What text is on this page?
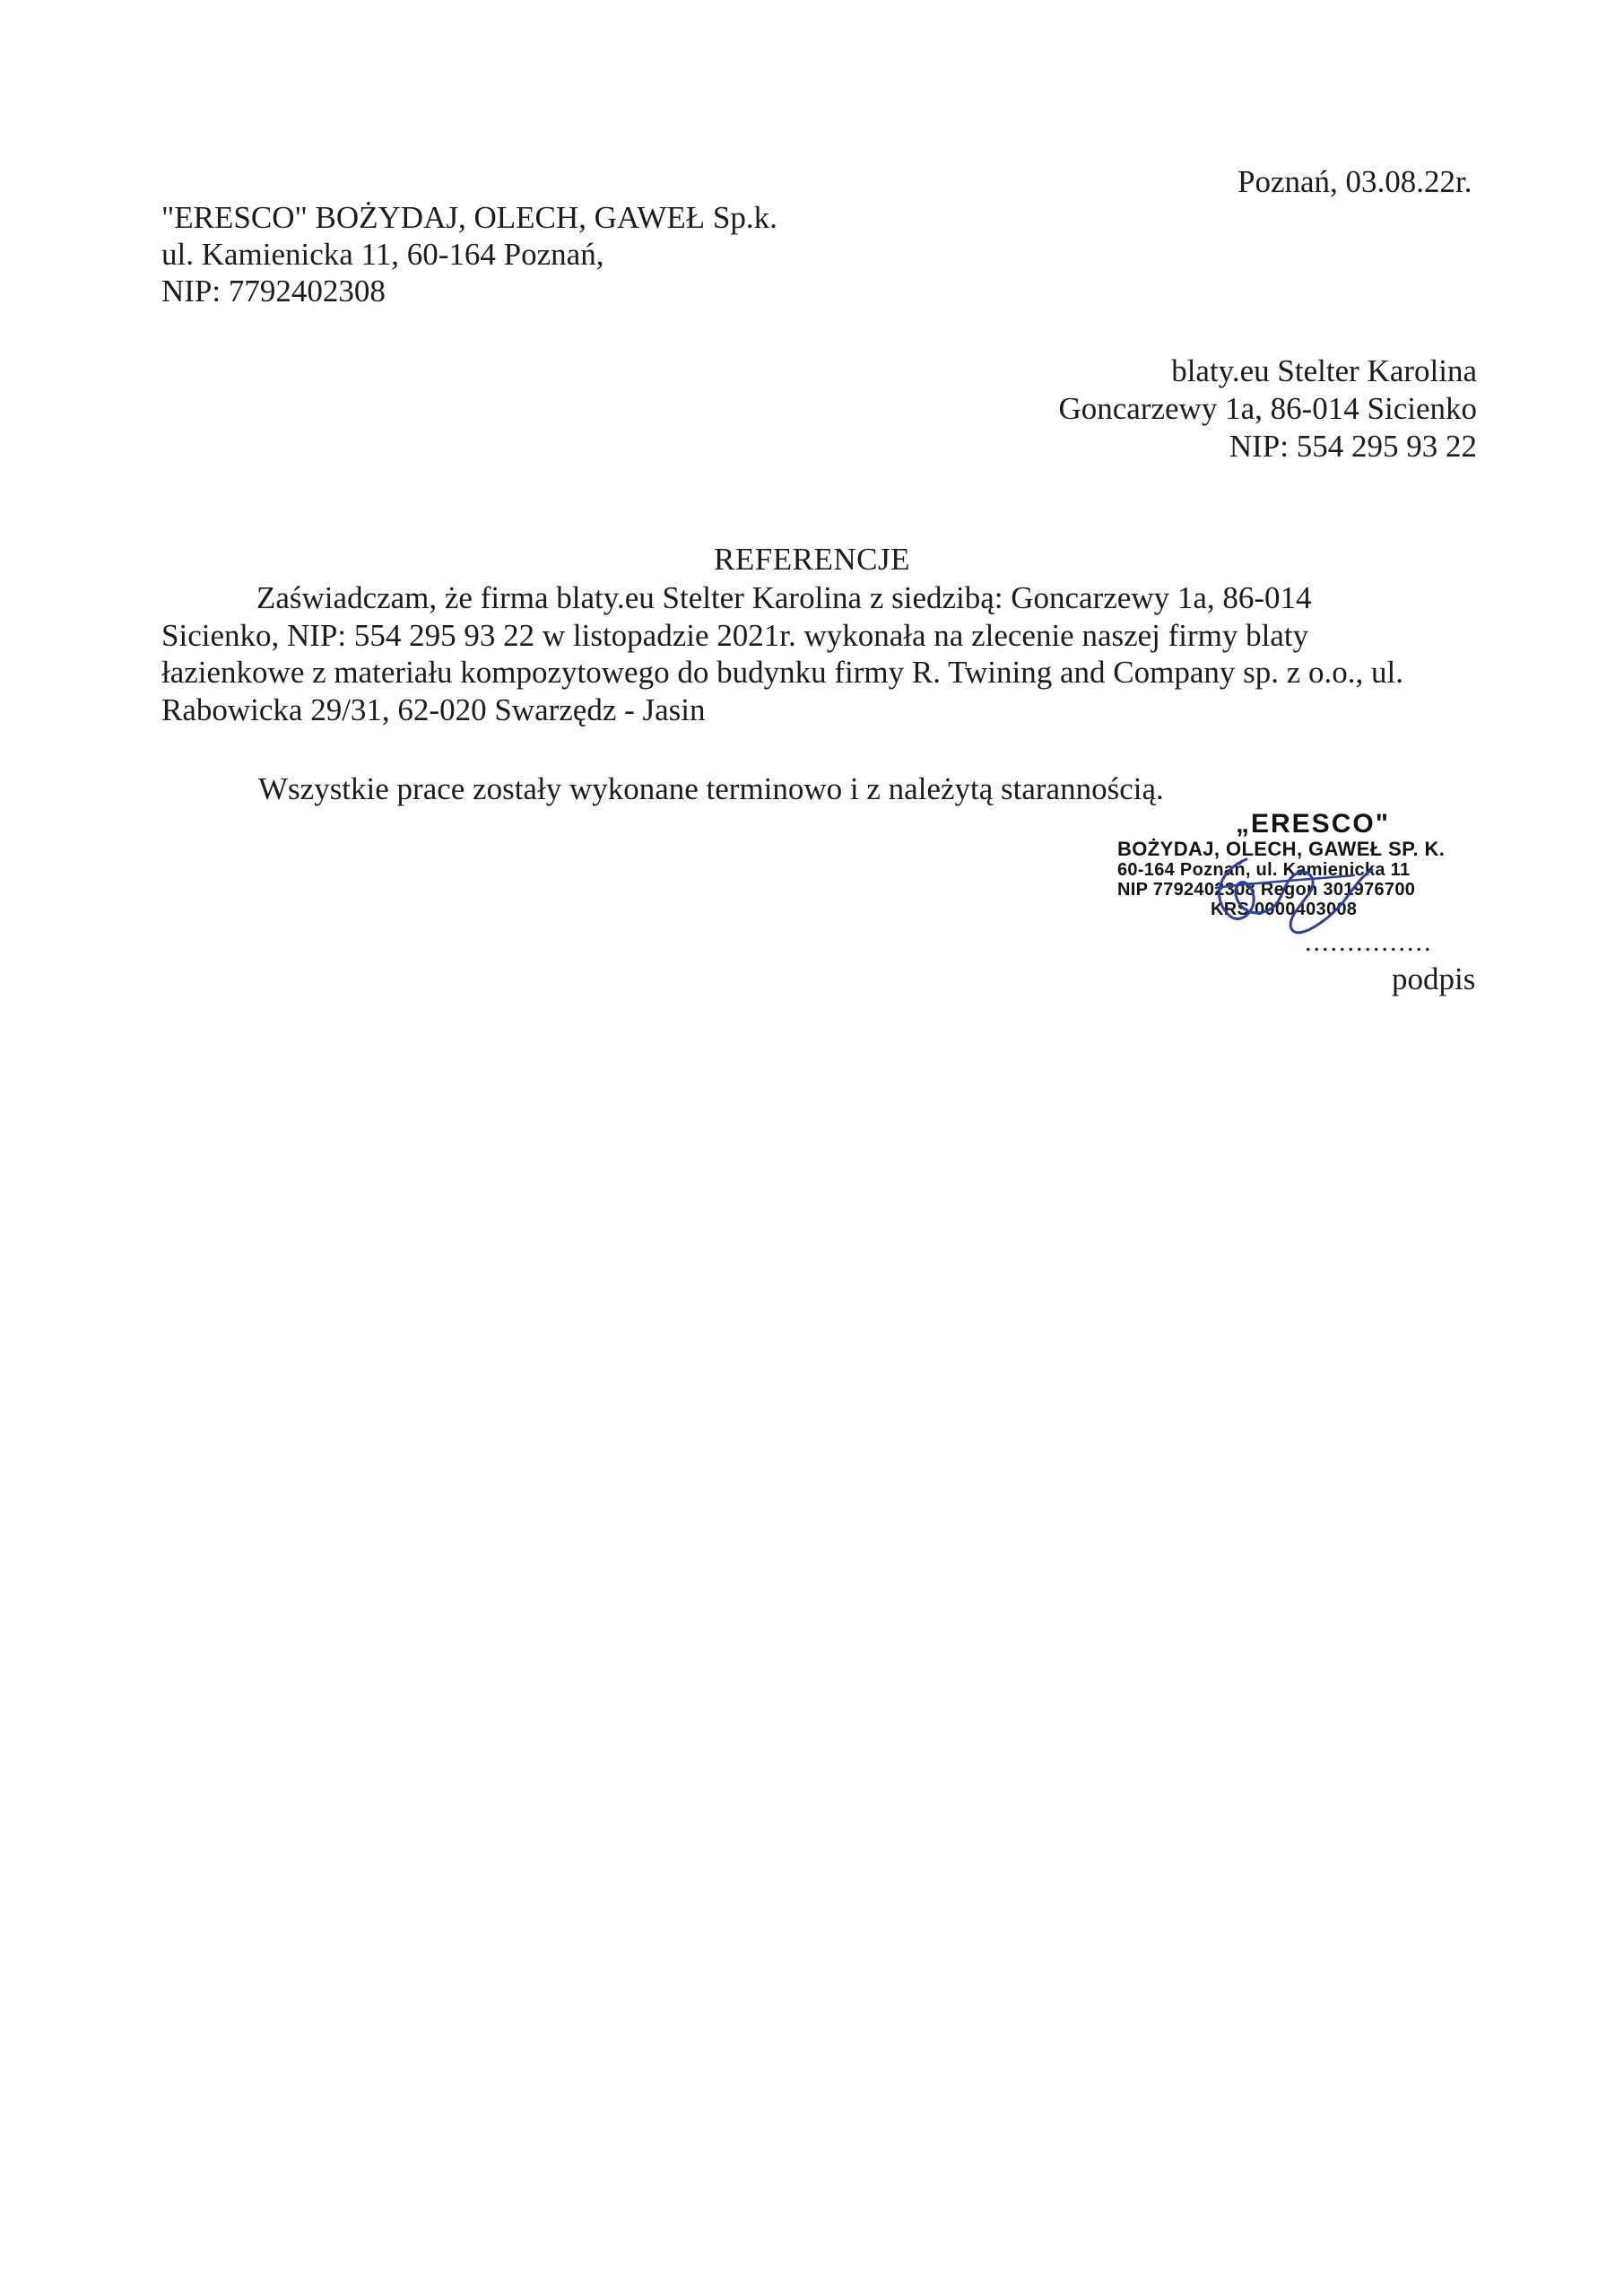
Poznań, 03.08.22r.
"ERESCO" BOŻYDAJ, OLECH, GAWEŁ Sp.k.
ul. Kamienicka 11, 60-164 Poznań,
NIP: 7792402308
blaty.eu Stelter Karolina
Goncarzewy 1a, 86-014 Sicienko
NIP: 554 295 93 22
REFERENCJE
Zaświadczam, że firma blaty.eu Stelter Karolina z siedzibą: Goncarzewy 1a, 86-014
Sicienko, NIP: 554 295 93 22 w listopadzie 2021r. wykonała na zlecenie naszej firmy blaty
łazienkowe z materiału kompozytowego do budynku firmy R. Twining and Company sp. z o.o., ul.
Rabowicka 29/31, 62-020 Swarzędz - Jasin
Wszystkie prace zostały wykonane terminowo i z należytą starannością.
„ERESCO"
BOŻYDAJ, OLECH, GAWEŁ SP. K.
60-164 Poznań, ul. Kamienicka 11
NIP 7792402308 Regon 301976700
KRS 0000403008
...............
podpis
